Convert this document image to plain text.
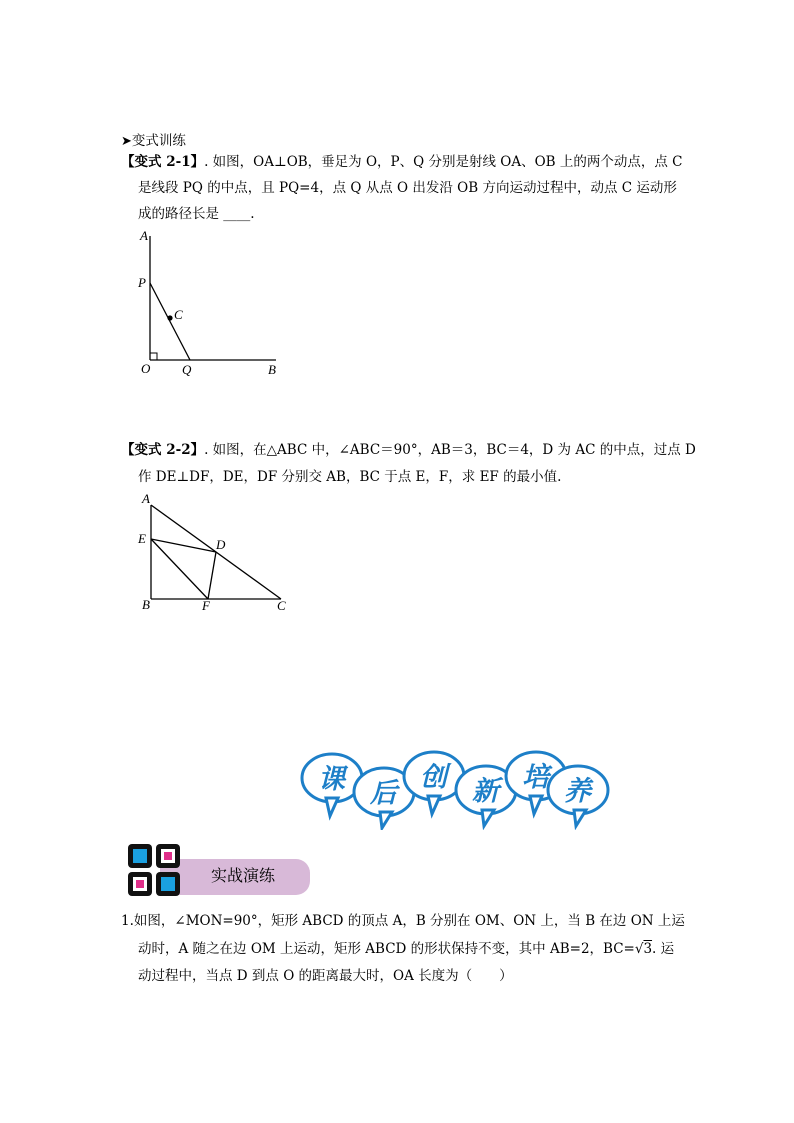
➤变式训练
【变式 2-1】. 如图，OA⊥OB，垂足为 O，P、Q 分别是射线 OA、OB 上的两个动点，点 C
是线段 PQ 的中点，且 PQ=4，点 Q 从点 O 出发沿 OB 方向运动过程中，动点 C 运动形
成的路径长是 ____.
A
P
C
O Q	B
【变式 2-2】. 如图，在△ABC 中，∠ABC＝90°，AB＝3，BC＝4，D 为 AC 的中点，过点 D
作 DE⊥DF，DE，DF 分别交 AB，BC 于点 E，F，求 EF 的最小值.
A
E	D
B	F	C
课 后
创 新 培 养
实战演练
1.如图，∠MON=90°，矩形 ABCD 的顶点 A，B 分别在 OM、ON 上，当 B 在边 ON 上运
动时，A 随之在边 OM 上运动，矩形 ABCD 的形状保持不变，其中 AB=2，BC=√3. 运
动过程中，当点 D 到点 O 的距离最大时，OA 长度为（　　）
